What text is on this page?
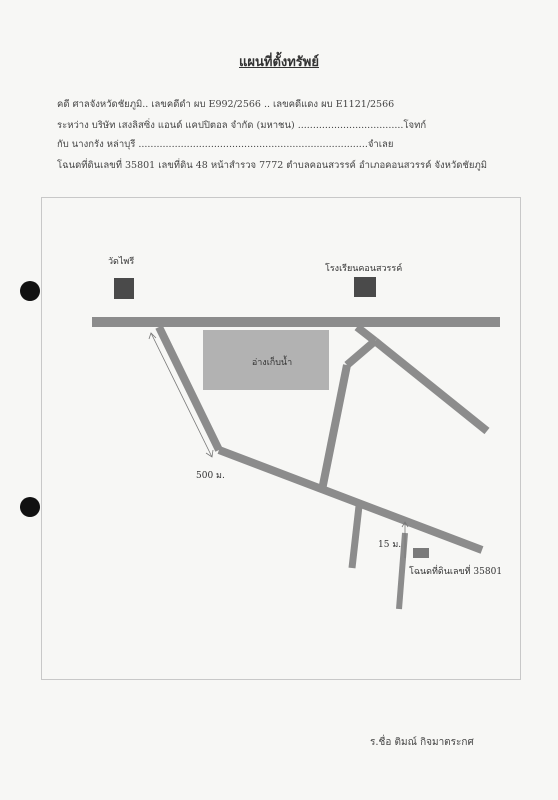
แผนที่ตั้งทรัพย์
คดี ศาลจังหวัดชัยภูมิ.. เลขคดีดำ ผบ E992/2566 .. เลขคดีแดง ผบ E1121/2566
ระหว่าง บริษัท เสงลิสซิ่ง แอนด์ แคปปิตอล จำกัด (มหาชน) ...................................โจทก์
กับ นางกรัง หล่าบุรี ............................................................................จำเลย
โฉนดที่ดินเลขที่ 35801 เลขที่ดิน 48 หน้าสำรวจ 7772 ตำบลคอนสวรรค์ อำเภอคอนสวรรค์ จังหวัดชัยภูมิ
อ่างเก็บน้ำ
วัดไพรี
โรงเรียนคอนสวรรค์
500 ม.
15 ม.
โฉนดที่ดินเลขที่ 35801
ร.ชื่อ ติมณ์ กิจมาตระกศ
